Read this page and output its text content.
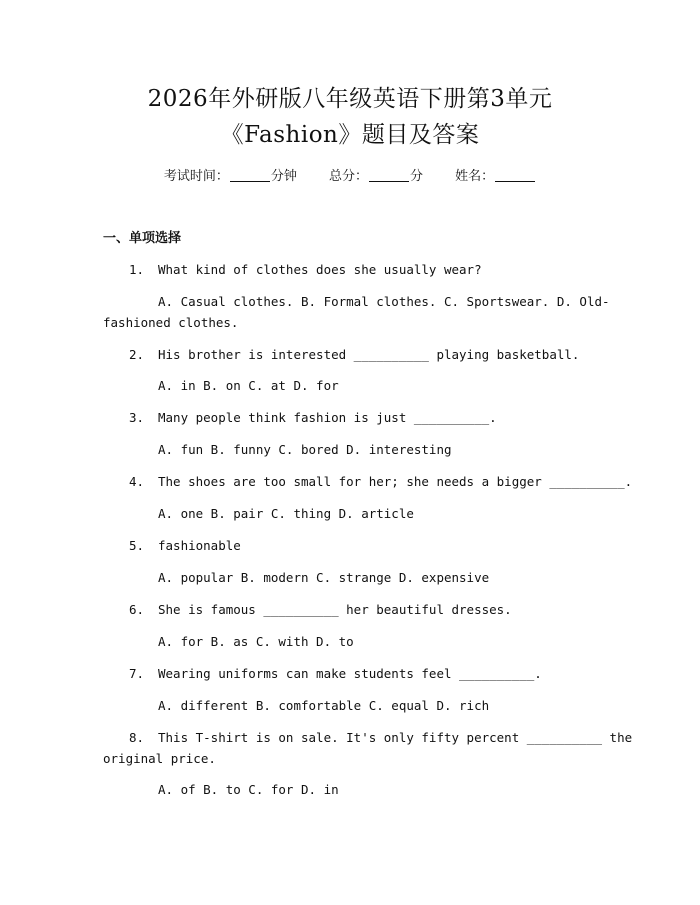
2026年外研版八年级英语下册第3单元
《Fashion》题目及答案
考试时间：	分钟 总分：	分 姓名：
一、单项选择
1.	What kind of clothes does she usually wear?
A. Casual clothes. B. Formal clothes. C. Sportswear. D. Old-
fashioned clothes.
2.	His brother is interested __________ playing basketball.
A. in B. on C. at D. for
3.	Many people think fashion is just __________.
A. fun B. funny C. bored D. interesting
4.	The shoes are too small for her; she needs a bigger __________.
A. one B. pair C. thing D. article
5.	fashionable
A. popular B. modern C. strange D. expensive
6.	She is famous __________ her beautiful dresses.
A. for B. as C. with D. to
7.	Wearing uniforms can make students feel __________.
A. different B. comfortable C. equal D. rich
8.	This T-shirt is on sale. It's only fifty percent __________ the
original price.
A. of B. to C. for D. in
